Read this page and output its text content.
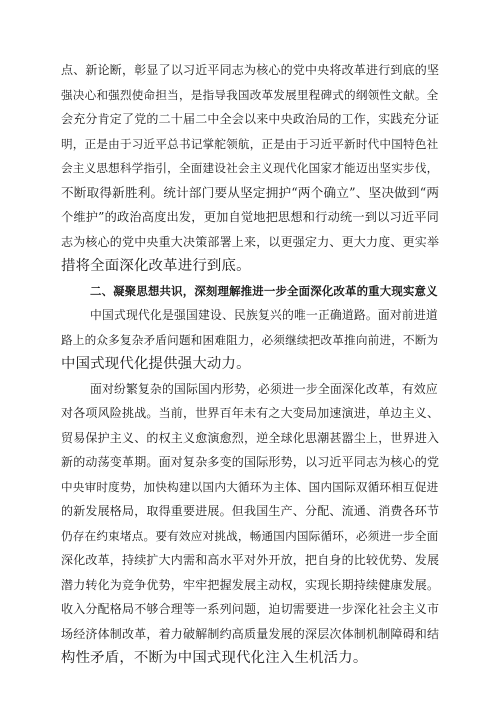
点、新论断，彰显了以习近平同志为核心的党中央将改革进行到底的坚
强决心和强烈使命担当，是指导我国改革发展里程碑式的纲领性文献。全
会充分肯定了党的二十届二中全会以来中央政治局的工作，实践充分证
明，正是由于习近平总书记掌舵领航，正是由于习近平新时代中国特色社
会主义思想科学指引，全面建设社会主义现代化国家才能迈出坚实步伐，
不断取得新胜利。统计部门要从坚定拥护“两个确立”、坚决做到“两
个维护”的政治高度出发，更加自觉地把思想和行动统一到以习近平同
志为核心的党中央重大决策部署上来，以更强定力、更大力度、更实举
措将全面深化改革进行到底。
二、凝聚思想共识，深刻理解推进一步全面深化改革的重大现实意义
中国式现代化是强国建设、民族复兴的唯一正确道路。面对前进道
路上的众多复杂矛盾问题和困难阻力，必须继续把改革推向前进，不断为
中国式现代化提供强大动力。
面对纷繁复杂的国际国内形势，必须进一步全面深化改革，有效应
对各项风险挑战。当前，世界百年未有之大变局加速演进，单边主义、
贸易保护主义、的权主义愈演愈烈，逆全球化思潮甚嚣尘上，世界进入
新的动荡变革期。面对复杂多变的国际形势，以习近平同志为核心的党
中央审时度势，加快构建以国内大循环为主体、国内国际双循环相互促进
的新发展格局，取得重要进展。但我国生产、分配、流通、消费各环节
仍存在约束堵点。要有效应对挑战，畅通国内国际循环，必须进一步全面
深化改革，持续扩大内需和高水平对外开放，把自身的比较优势、发展
潜力转化为竞争优势，牢牢把握发展主动权，实现长期持续健康发展。
收入分配格局不够合理等一系列问题，迫切需要进一步深化社会主义市
场经济体制改革，着力破解制约高质量发展的深层次体制机制障碍和结
构性矛盾，不断为中国式现代化注入生机活力。
